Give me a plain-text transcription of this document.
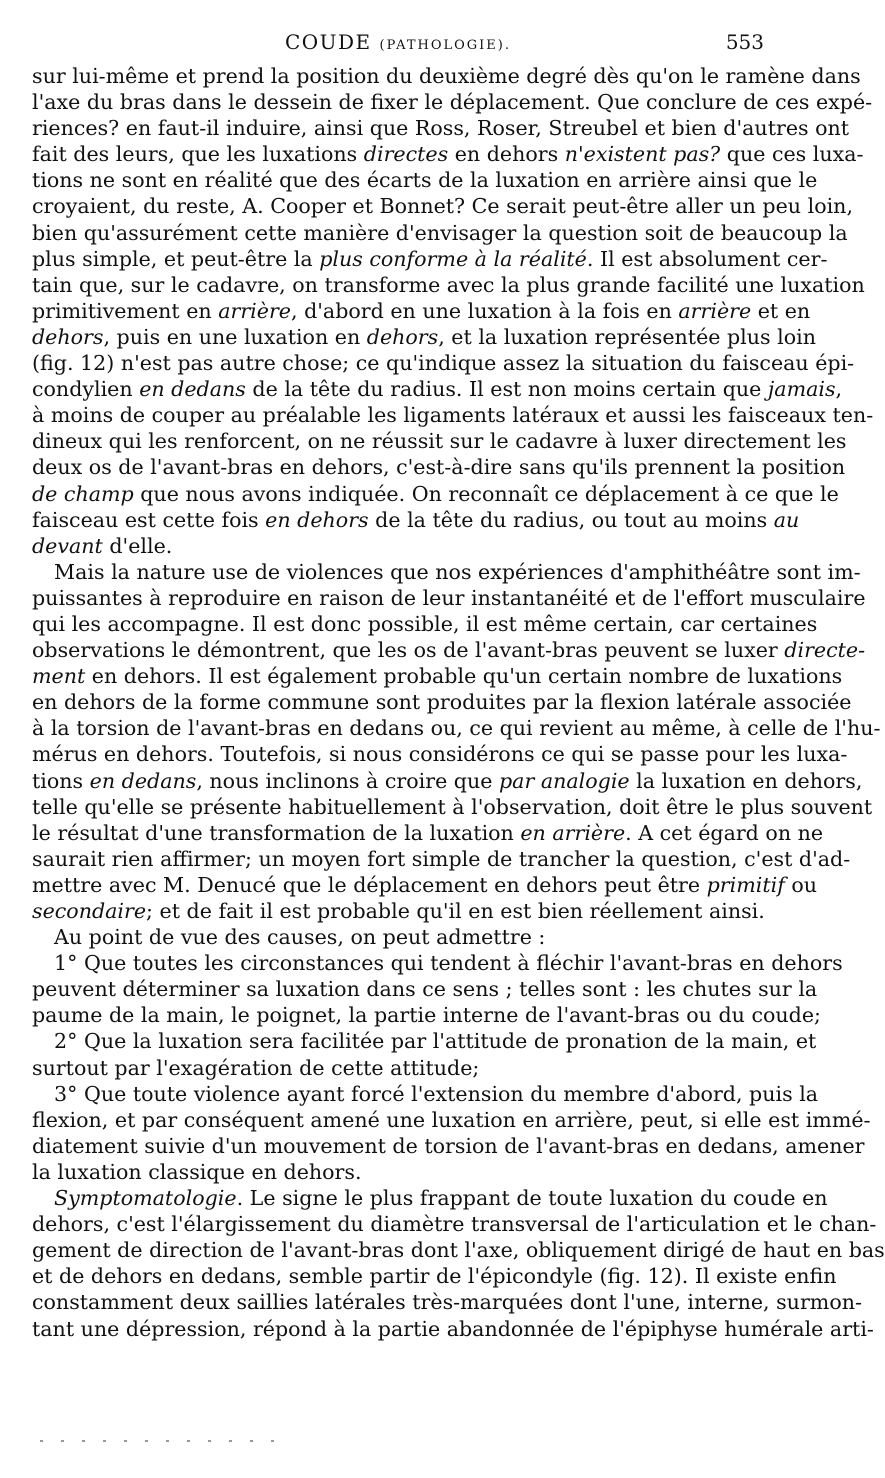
COUDE (PATHOLOGIE).	553
sur lui-même et prend la position du deuxième degré dès qu'on le ramène dans
l'axe du bras dans le dessein de fixer le déplacement. Que conclure de ces expé-
riences? en faut-il induire, ainsi que Ross, Roser, Streubel et bien d'autres ont
fait des leurs, que les luxations directes en dehors n'existent pas? que ces luxa-
tions ne sont en réalité que des écarts de la luxation en arrière ainsi que le
croyaient, du reste, A. Cooper et Bonnet? Ce serait peut-être aller un peu loin,
bien qu'assurément cette manière d'envisager la question soit de beaucoup la
plus simple, et peut-être la plus conforme à la réalité. Il est absolument cer-
tain que, sur le cadavre, on transforme avec la plus grande facilité une luxation
primitivement en arrière, d'abord en une luxation à la fois en arrière et en
dehors, puis en une luxation en dehors, et la luxation représentée plus loin
(fig. 12) n'est pas autre chose; ce qu'indique assez la situation du faisceau épi-
condylien en dedans de la tête du radius. Il est non moins certain que jamais,
à moins de couper au préalable les ligaments latéraux et aussi les faisceaux ten-
dineux qui les renforcent, on ne réussit sur le cadavre à luxer directement les
deux os de l'avant-bras en dehors, c'est-à-dire sans qu'ils prennent la position
de champ que nous avons indiquée. On reconnaît ce déplacement à ce que le
faisceau est cette fois en dehors de la tête du radius, ou tout au moins au
devant d'elle.
Mais la nature use de violences que nos expériences d'amphithéâtre sont im-
puissantes à reproduire en raison de leur instantanéité et de l'effort musculaire
qui les accompagne. Il est donc possible, il est même certain, car certaines
observations le démontrent, que les os de l'avant-bras peuvent se luxer directe-
ment en dehors. Il est également probable qu'un certain nombre de luxations
en dehors de la forme commune sont produites par la flexion latérale associée
à la torsion de l'avant-bras en dedans ou, ce qui revient au même, à celle de l'hu-
mérus en dehors. Toutefois, si nous considérons ce qui se passe pour les luxa-
tions en dedans, nous inclinons à croire que par analogie la luxation en dehors,
telle qu'elle se présente habituellement à l'observation, doit être le plus souvent
le résultat d'une transformation de la luxation en arrière. A cet égard on ne
saurait rien affirmer; un moyen fort simple de trancher la question, c'est d'ad-
mettre avec M. Denucé que le déplacement en dehors peut être primitif ou
secondaire; et de fait il est probable qu'il en est bien réellement ainsi.
Au point de vue des causes, on peut admettre :
1° Que toutes les circonstances qui tendent à fléchir l'avant-bras en dehors
peuvent déterminer sa luxation dans ce sens ; telles sont : les chutes sur la
paume de la main, le poignet, la partie interne de l'avant-bras ou du coude;
2° Que la luxation sera facilitée par l'attitude de pronation de la main, et
surtout par l'exagération de cette attitude;
3° Que toute violence ayant forcé l'extension du membre d'abord, puis la
flexion, et par conséquent amené une luxation en arrière, peut, si elle est immé-
diatement suivie d'un mouvement de torsion de l'avant-bras en dedans, amener
la luxation classique en dehors.
Symptomatologie. Le signe le plus frappant de toute luxation du coude en
dehors, c'est l'élargissement du diamètre transversal de l'articulation et le chan-
gement de direction de l'avant-bras dont l'axe, obliquement dirigé de haut en bas
et de dehors en dedans, semble partir de l'épicondyle (fig. 12). Il existe enfin
constamment deux saillies latérales très-marquées dont l'une, interne, surmon-
tant une dépression, répond à la partie abandonnée de l'épiphyse humérale arti-
